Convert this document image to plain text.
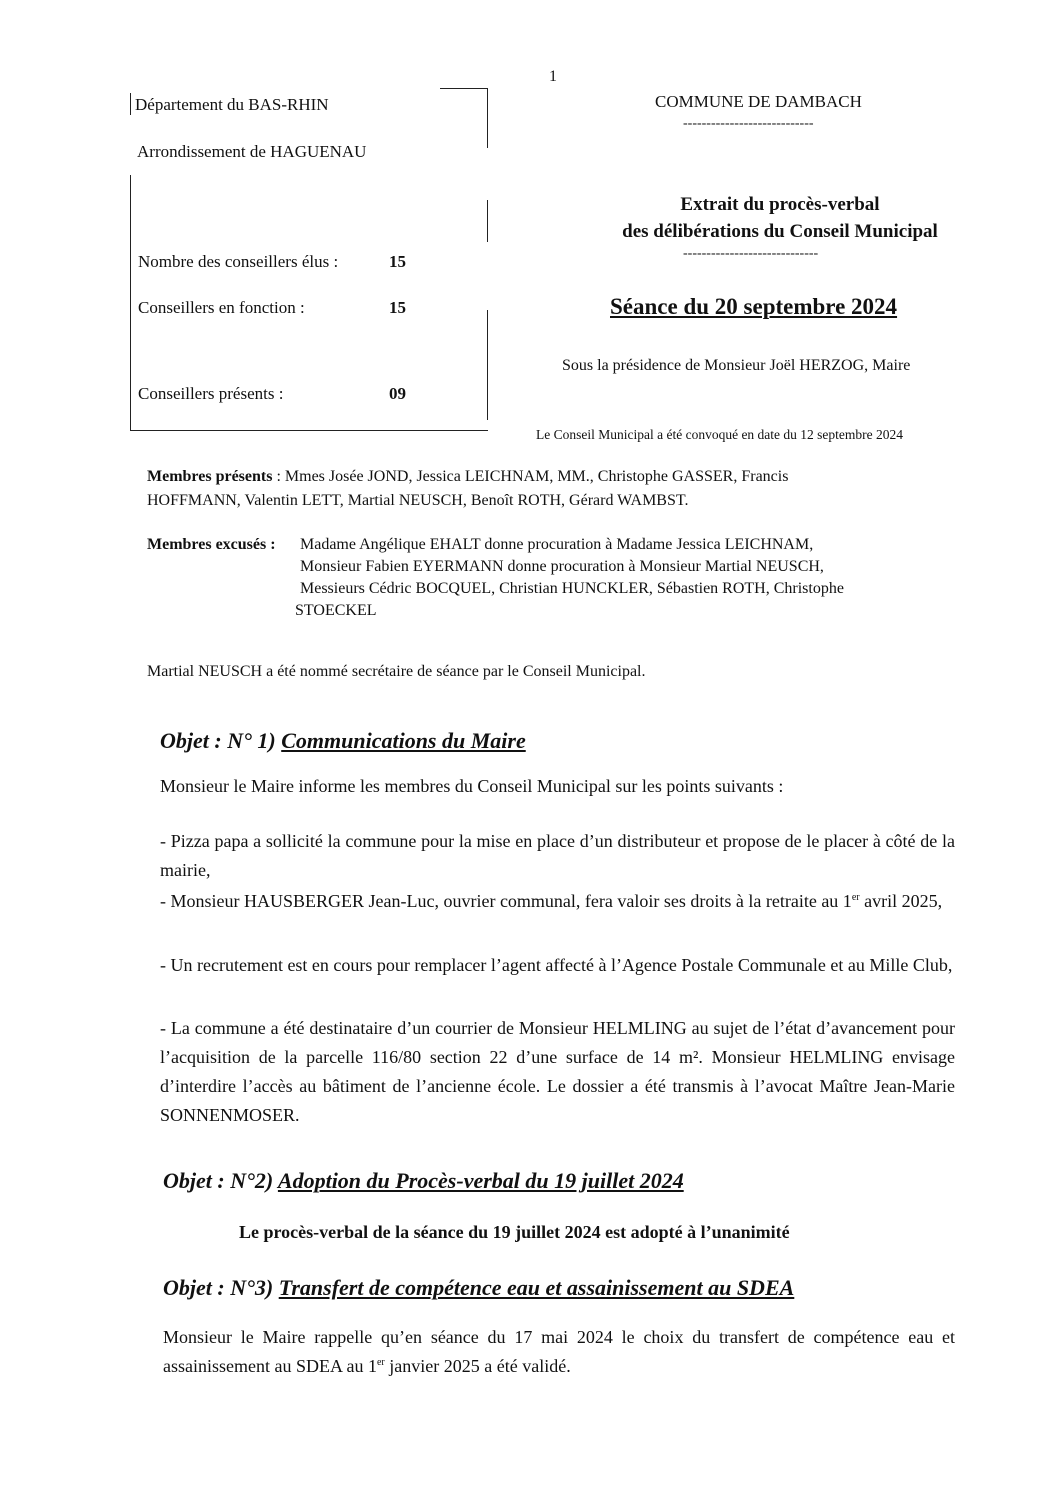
1
Département du BAS-RHIN
Arrondissement de HAGUENAU
Nombre des conseillers élus :	15
Conseillers en fonction :	15
Conseillers présents :	09
COMMUNE DE DAMBACH
----------------------------
Extrait du procès-verbal
des délibérations du Conseil Municipal
-----------------------------
Séance du 20 septembre 2024
Sous la présidence de Monsieur Joël HERZOG, Maire
Le Conseil Municipal a été convoqué en date du 12 septembre 2024
Membres présents : Mmes Josée JOND, Jessica LEICHNAM, MM., Christophe GASSER, Francis
HOFFMANN, Valentin LETT, Martial NEUSCH, Benoît ROTH, Gérard WAMBST.
Membres excusés : Madame Angélique EHALT donne procuration à Madame Jessica LEICHNAM,
Monsieur Fabien EYERMANN donne procuration à Monsieur Martial NEUSCH,
Messieurs Cédric BOCQUEL, Christian HUNCKLER, Sébastien ROTH, Christophe
STOECKEL
Martial NEUSCH a été nommé secrétaire de séance par le Conseil Municipal.
Objet : N° 1) Communications du Maire
Monsieur le Maire informe les membres du Conseil Municipal sur les points suivants :

- Pizza papa a sollicité la commune pour la mise en place d’un distributeur et propose de le placer à côté de la mairie,

- Monsieur HAUSBERGER Jean-Luc, ouvrier communal, fera valoir ses droits à la retraite au 1er avril 2025,

- Un recrutement est en cours pour remplacer l’agent affecté à l’Agence Postale Communale et au Mille Club,

- La commune a été destinataire d’un courrier de Monsieur HELMLING au sujet de l’état d’avancement pour l’acquisition de la parcelle 116/80 section 22 d’une surface de 14 m². Monsieur HELMLING envisage d’interdire l’accès au bâtiment de l’ancienne école. Le dossier a été transmis à l’avocat Maître Jean-Marie SONNENMOSER.

Objet : N°2) Adoption du Procès-verbal du 19 juillet 2024
Le procès-verbal de la séance du 19 juillet 2024 est adopté à l’unanimité
Objet : N°3) Transfert de compétence eau et assainissement au SDEA

Monsieur le Maire rappelle qu’en séance du 17 mai 2024 le choix du transfert de compétence eau et assainissement au SDEA au 1er janvier 2025 a été validé.
